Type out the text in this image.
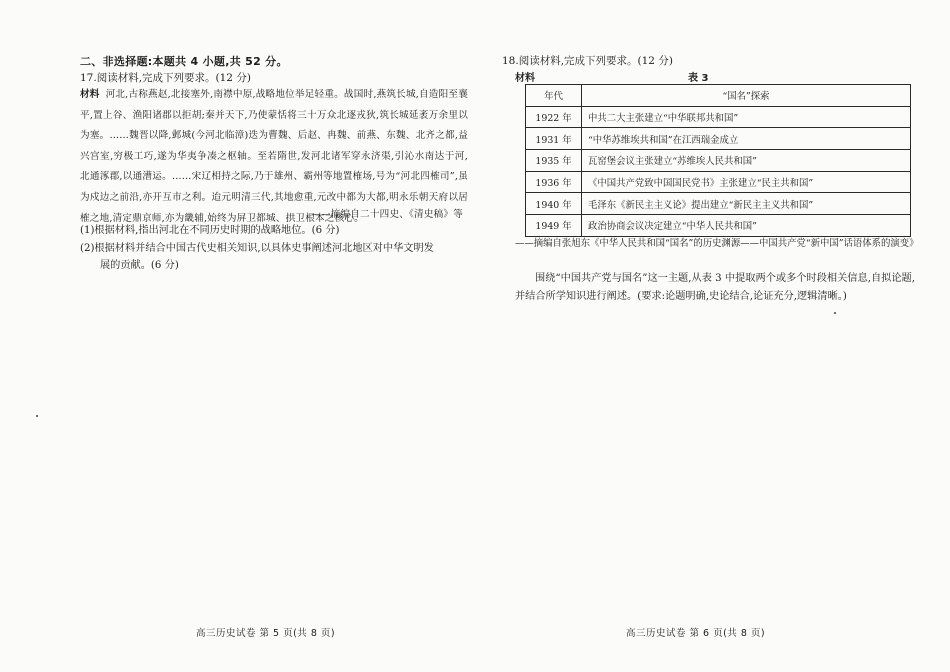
二、非选择题:本题共 4 小题,共 52 分。
17.阅读材料,完成下列要求。(12 分)
材料 河北,古称燕赵,北接塞外,南襟中原,战略地位举足轻重。战国时,燕筑长城,自造阳至襄平,置上谷、渔阳诸郡以拒胡;秦并天下,乃使蒙恬将三十万众北逐戎狄,筑长城延袤万余里以为塞。……魏晋以降,邺城(今河北临漳)迭为曹魏、后赵、冉魏、前燕、东魏、北齐之都,益兴宫室,穷极工巧,遂为华夷争凑之枢轴。至若隋世,发河北诸军穿永济渠,引沁水南达于河,北通涿郡,以通漕运。……宋辽相持之际,乃于雄州、霸州等地置榷场,号为“河北四榷司”,虽为戍边之前沿,亦开互市之利。迨元明清三代,其地愈重,元改中都为大都,明永乐朝天府以居榷之地,清定鼎京师,亦为畿辅,始终为屏卫都城、拱卫根本之核心。
——摘编自二十四史、《清史稿》等
(1)根据材料,指出河北在不同历史时期的战略地位。(6 分)
(2)根据材料并结合中国古代史相关知识,以具体史事阐述河北地区对中华文明发
展的贡献。(6 分)
高三历史试卷 第 5 页(共 8 页)
18.阅读材料,完成下列要求。(12 分)
材料	表 3
年代	“国名”探索
1922 年	中共二大主张建立“中华联邦共和国”
1931 年	“中华苏维埃共和国”在江西瑞金成立
1935 年	瓦窑堡会议主张建立“苏维埃人民共和国”
1936 年	《中国共产党致中国国民党书》主张建立“民主共和国”
1940 年	毛泽东《新民主主义论》提出建立“新民主主义共和国”
1949 年	政治协商会议决定建立“中华人民共和国”
——摘编自张旭东《中华人民共和国“国名”的历史渊源——中国共产党“新中国”话语体系的演变》
围绕“中国共产党与国名”这一主题,从表 3 中提取两个或多个时段相关信息,自拟论题,并结合所学知识进行阐述。(要求:论题明确,史论结合,论证充分,逻辑清晰。)
高三历史试卷 第 6 页(共 8 页)
